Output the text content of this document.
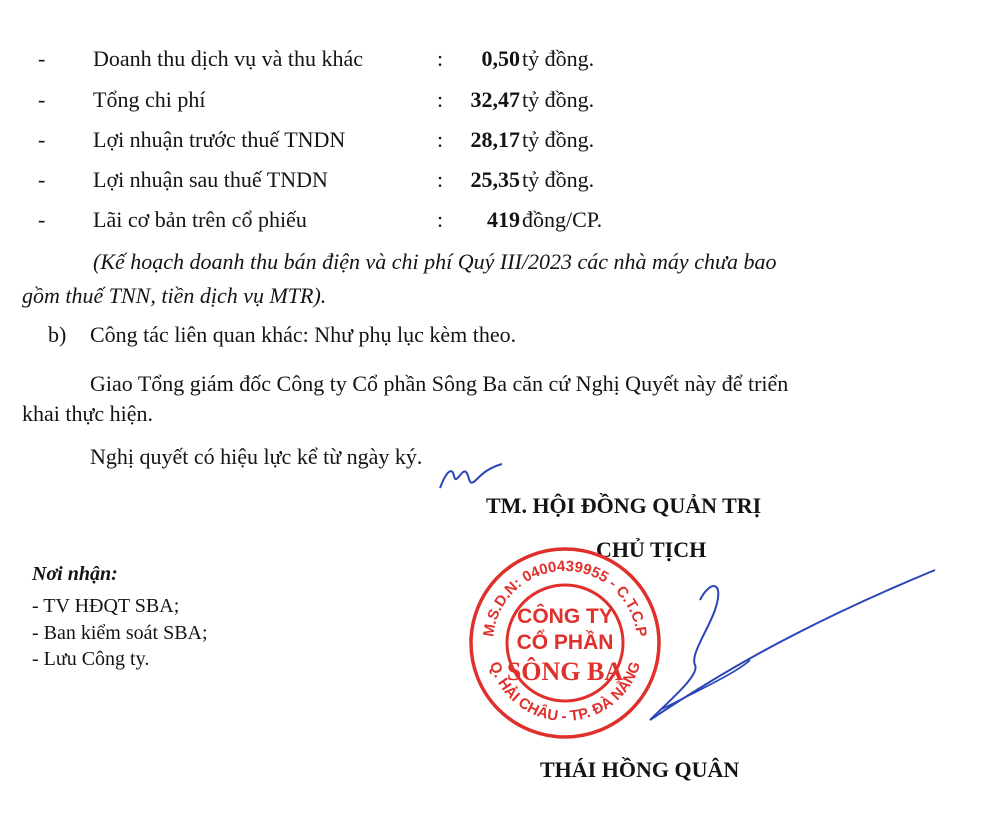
- Doanh thu dịch vụ và thu khác	:	0,50 tỷ đồng.
- Tổng chi phí	:	32,47 tỷ đồng.
- Lợi nhuận trước thuế TNDN	:	28,17 tỷ đồng.
- Lợi nhuận sau thuế TNDN	:	25,35 tỷ đồng.
- Lãi cơ bản trên cổ phiếu	:	419 đồng/CP.
(Kế hoạch doanh thu bán điện và chi phí Quý III/2023 các nhà máy chưa bao
gồm thuế TNN, tiền dịch vụ MTR).
b) Công tác liên quan khác: Như phụ lục kèm theo.
Giao Tổng giám đốc Công ty Cổ phần Sông Ba căn cứ Nghị Quyết này để triển
khai thực hiện.
Nghị quyết có hiệu lực kể từ ngày ký.
TM. HỘI ĐỒNG QUẢN TRỊ
CHỦ TỊCH
Nơi nhận:
- TV HĐQT SBA;
- Ban kiểm soát SBA;
- Lưu Công ty.
M.S.D.N: 0400439955 - C.T.C.P
Q. HẢI CHÂU - TP. ĐÀ NẴNG
CÔNG TY
CỔ PHẦN
SÔNG BA
THÁI HỒNG QUÂN
